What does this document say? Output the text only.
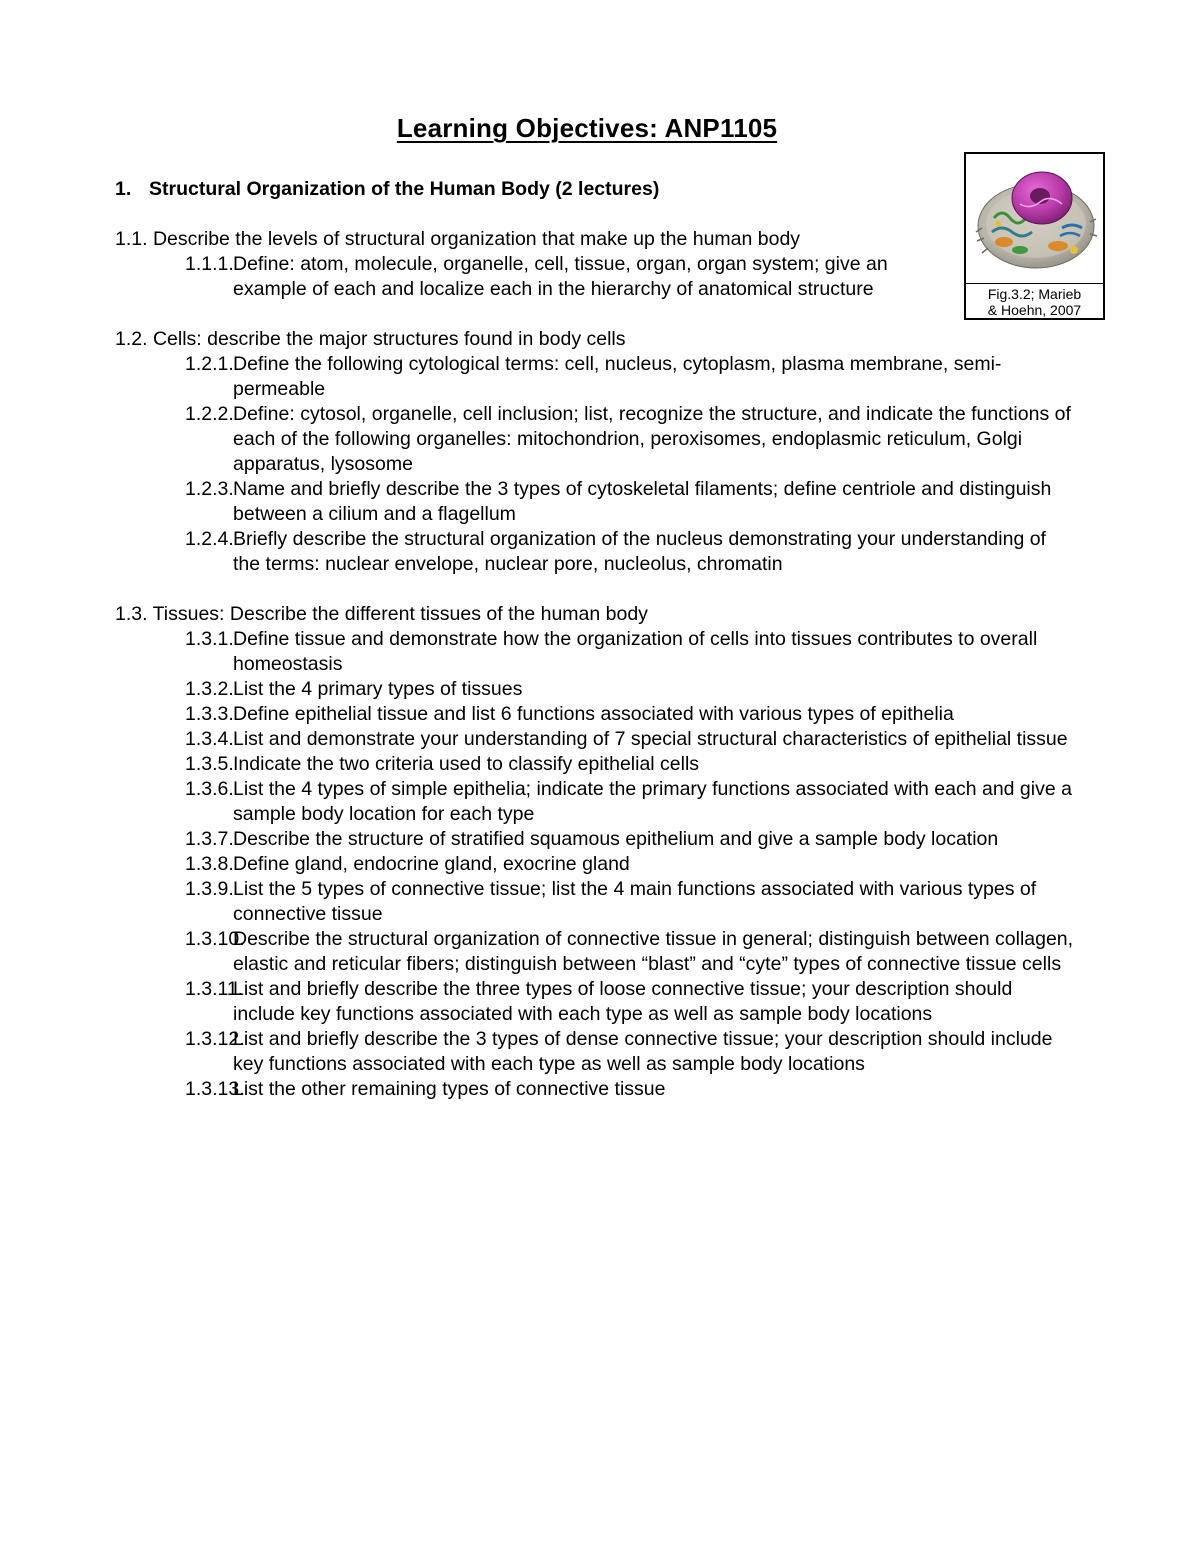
Learning Objectives: ANP1105
1. Structural Organization of the Human Body (2 lectures)
Fig.3.2; Marieb
& Hoehn, 2007
1.1. Describe the levels of structural organization that make up the human body
1.1.1. Define: atom, molecule, organelle, cell, tissue, organ, organ system; give an example of each and localize each in the hierarchy of anatomical structure
1.2. Cells: describe the major structures found in body cells
1.2.1. Define the following cytological terms: cell, nucleus, cytoplasm, plasma membrane, semi-permeable
1.2.2. Define: cytosol, organelle, cell inclusion; list, recognize the structure, and indicate the functions of each of the following organelles: mitochondrion, peroxisomes, endoplasmic reticulum, Golgi apparatus, lysosome
1.2.3. Name and briefly describe the 3 types of cytoskeletal filaments; define centriole and distinguish between a cilium and a flagellum
1.2.4. Briefly describe the structural organization of the nucleus demonstrating your understanding of the terms: nuclear envelope, nuclear pore, nucleolus, chromatin
1.3. Tissues: Describe the different tissues of the human body
1.3.1. Define tissue and demonstrate how the organization of cells into tissues contributes to overall homeostasis
1.3.2. List the 4 primary types of tissues
1.3.3. Define epithelial tissue and list 6 functions associated with various types of epithelia
1.3.4. List and demonstrate your understanding of 7 special structural characteristics of epithelial tissue
1.3.5. Indicate the two criteria used to classify epithelial cells
1.3.6. List the 4 types of simple epithelia; indicate the primary functions associated with each and give a sample body location for each type
1.3.7. Describe the structure of stratified squamous epithelium and give a sample body location
1.3.8. Define gland, endocrine gland, exocrine gland
1.3.9. List the 5 types of connective tissue; list the 4 main functions associated with various types of connective tissue
1.3.10.
Describe the structural organization of connective tissue in general; distinguish between collagen, elastic and reticular fibers; distinguish between “blast” and “cyte” types of connective tissue cells
1.3.11.
List and briefly describe the three types of loose connective tissue; your description should include key functions associated with each type as well as sample body locations
1.3.12.
List and briefly describe the 3 types of dense connective tissue; your description should include key functions associated with each type as well as sample body locations
1.3.13.
List the other remaining types of connective tissue
